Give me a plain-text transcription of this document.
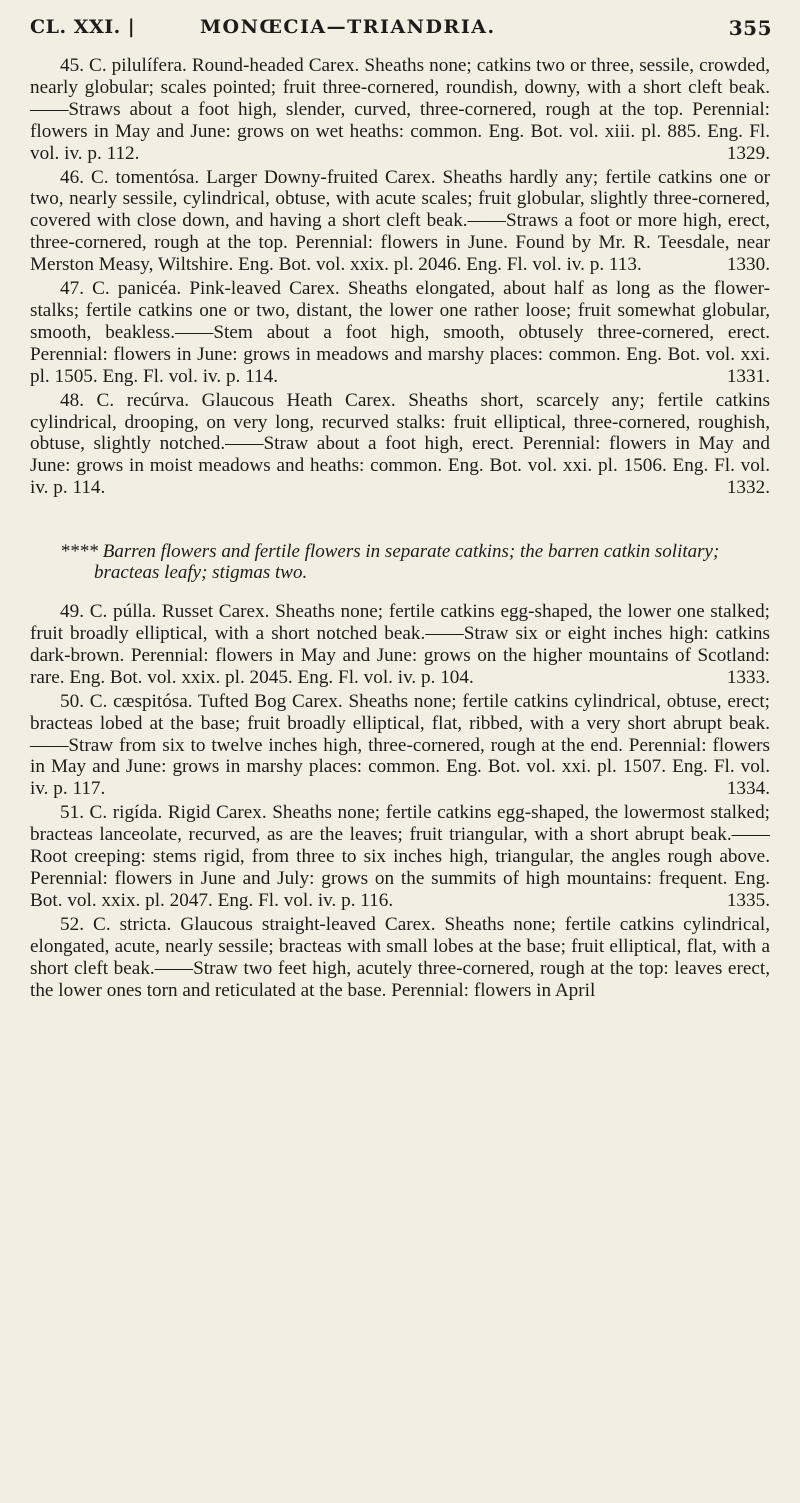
CL. XXI. |	MONŒCIA—TRIANDRIA.	355

45. C. pilulífera. Round-headed Carex. Sheaths none; catkins two or three, sessile, crowded, nearly globular; scales pointed; fruit three-cornered, roundish, downy, with a short cleft beak.——Straws about a foot high, slender, curved, three-cornered, rough at the top. Perennial: flowers in May and June: grows on wet heaths: common. Eng. Bot. vol. xiii. pl. 885. Eng. Fl. vol. iv. p. 112.	1329.

46. C. tomentósa. Larger Downy-fruited Carex. Sheaths hardly any; fertile catkins one or two, nearly sessile, cylindrical, obtuse, with acute scales; fruit globular, slightly three-cornered, covered with close down, and having a short cleft beak.——Straws a foot or more high, erect, three-cornered, rough at the top. Perennial: flowers in June. Found by Mr. R. Teesdale, near Merston Measy, Wiltshire. Eng. Bot. vol. xxix. pl. 2046. Eng. Fl. vol. iv. p. 113.	1330.

47. C. panicéa. Pink-leaved Carex. Sheaths elongated, about half as long as the flower-stalks; fertile catkins one or two, distant, the lower one rather loose; fruit somewhat globular, smooth, beakless.——Stem about a foot high, smooth, obtusely three-cornered, erect. Perennial: flowers in June: grows in meadows and marshy places: common. Eng. Bot. vol. xxi. pl. 1505. Eng. Fl. vol. iv. p. 114.	1331.

48. C. recúrva. Glaucous Heath Carex. Sheaths short, scarcely any; fertile catkins cylindrical, drooping, on very long, recurved stalks: fruit elliptical, three-cornered, roughish, obtuse, slightly notched.——Straw about a foot high, erect. Perennial: flowers in May and June: grows in moist meadows and heaths: common. Eng. Bot. vol. xxi. pl. 1506. Eng. Fl. vol. iv. p. 114.	1332.

**** Barren flowers and fertile flowers in separate catkins; the barren catkin solitary; bracteas leafy; stigmas two.

49. C. púlla. Russet Carex. Sheaths none; fertile catkins egg-shaped, the lower one stalked; fruit broadly elliptical, with a short notched beak.——Straw six or eight inches high: catkins dark-brown. Perennial: flowers in May and June: grows on the higher mountains of Scotland: rare. Eng. Bot. vol. xxix. pl. 2045. Eng. Fl. vol. iv. p. 104.	1333.

50. C. cæspitósa. Tufted Bog Carex. Sheaths none; fertile catkins cylindrical, obtuse, erect; bracteas lobed at the base; fruit broadly elliptical, flat, ribbed, with a very short abrupt beak.——Straw from six to twelve inches high, three-cornered, rough at the end. Perennial: flowers in May and June: grows in marshy places: common. Eng. Bot. vol. xxi. pl. 1507. Eng. Fl. vol. iv. p. 117.	1334.

51. C. rigída. Rigid Carex. Sheaths none; fertile catkins egg-shaped, the lowermost stalked; bracteas lanceolate, recurved, as are the leaves; fruit triangular, with a short abrupt beak.——Root creeping: stems rigid, from three to six inches high, triangular, the angles rough above. Perennial: flowers in June and July: grows on the summits of high mountains: frequent. Eng. Bot. vol. xxix. pl. 2047. Eng. Fl. vol. iv. p. 116.	1335.

52. C. stricta. Glaucous straight-leaved Carex. Sheaths none; fertile catkins cylindrical, elongated, acute, nearly sessile; bracteas with small lobes at the base; fruit elliptical, flat, with a short cleft beak.——Straw two feet high, acutely three-cornered, rough at the top: leaves erect, the lower ones torn and reticulated at the base. Perennial: flowers in April
